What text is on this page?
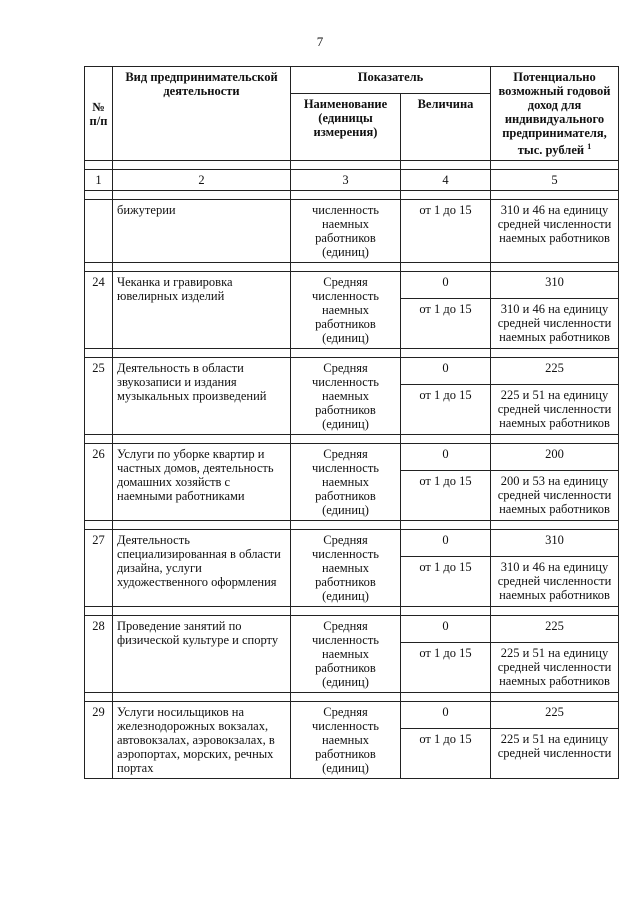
7
№ п/п	Вид предпринимательской деятельности	Показатель		Потенциально возможный годовой доход для индивидуального предпринимателя, тыс. рублей $^1$
		Наименование (единицы измерения)	Величина	

1	2	3	4	5

	бижутерии	численность наемных работников (единиц)	от 1 до 15	310 и 46 на единицу средней численности наемных работников

24	Чеканка и гравировка ювелирных изделий	Средняя численность наемных работников (единиц)	0	310
			от 1 до 15	310 и 46 на единицу средней численности наемных работников

25	Деятельность в области звукозаписи и издания музыкальных произведений	Средняя численность наемных работников (единиц)	0	225
			от 1 до 15	225 и 51 на единицу средней численности наемных работников

26	Услуги по уборке квартир и частных домов, деятельность домашних хозяйств с наемными работниками	Средняя численность наемных работников (единиц)	0	200
			от 1 до 15	200 и 53 на единицу средней численности наемных работников

27	Деятельность специализированная в области дизайна, услуги художественного оформления	Средняя численность наемных работников (единиц)	0	310
			от 1 до 15	310 и 46 на единицу средней численности наемных работников

28	Проведение занятий по физической культуре и спорту	Средняя численность наемных работников (единиц)	0	225
			от 1 до 15	225 и 51 на единицу средней численности наемных работников

29	Услуги носильщиков на железнодорожных вокзалах, автовокзалах, аэровокзалах, в аэропортах, морских, речных портах	Средняя численность наемных работников (единиц)	0	225
			от 1 до 15	225 и 51 на единицу средней численности
